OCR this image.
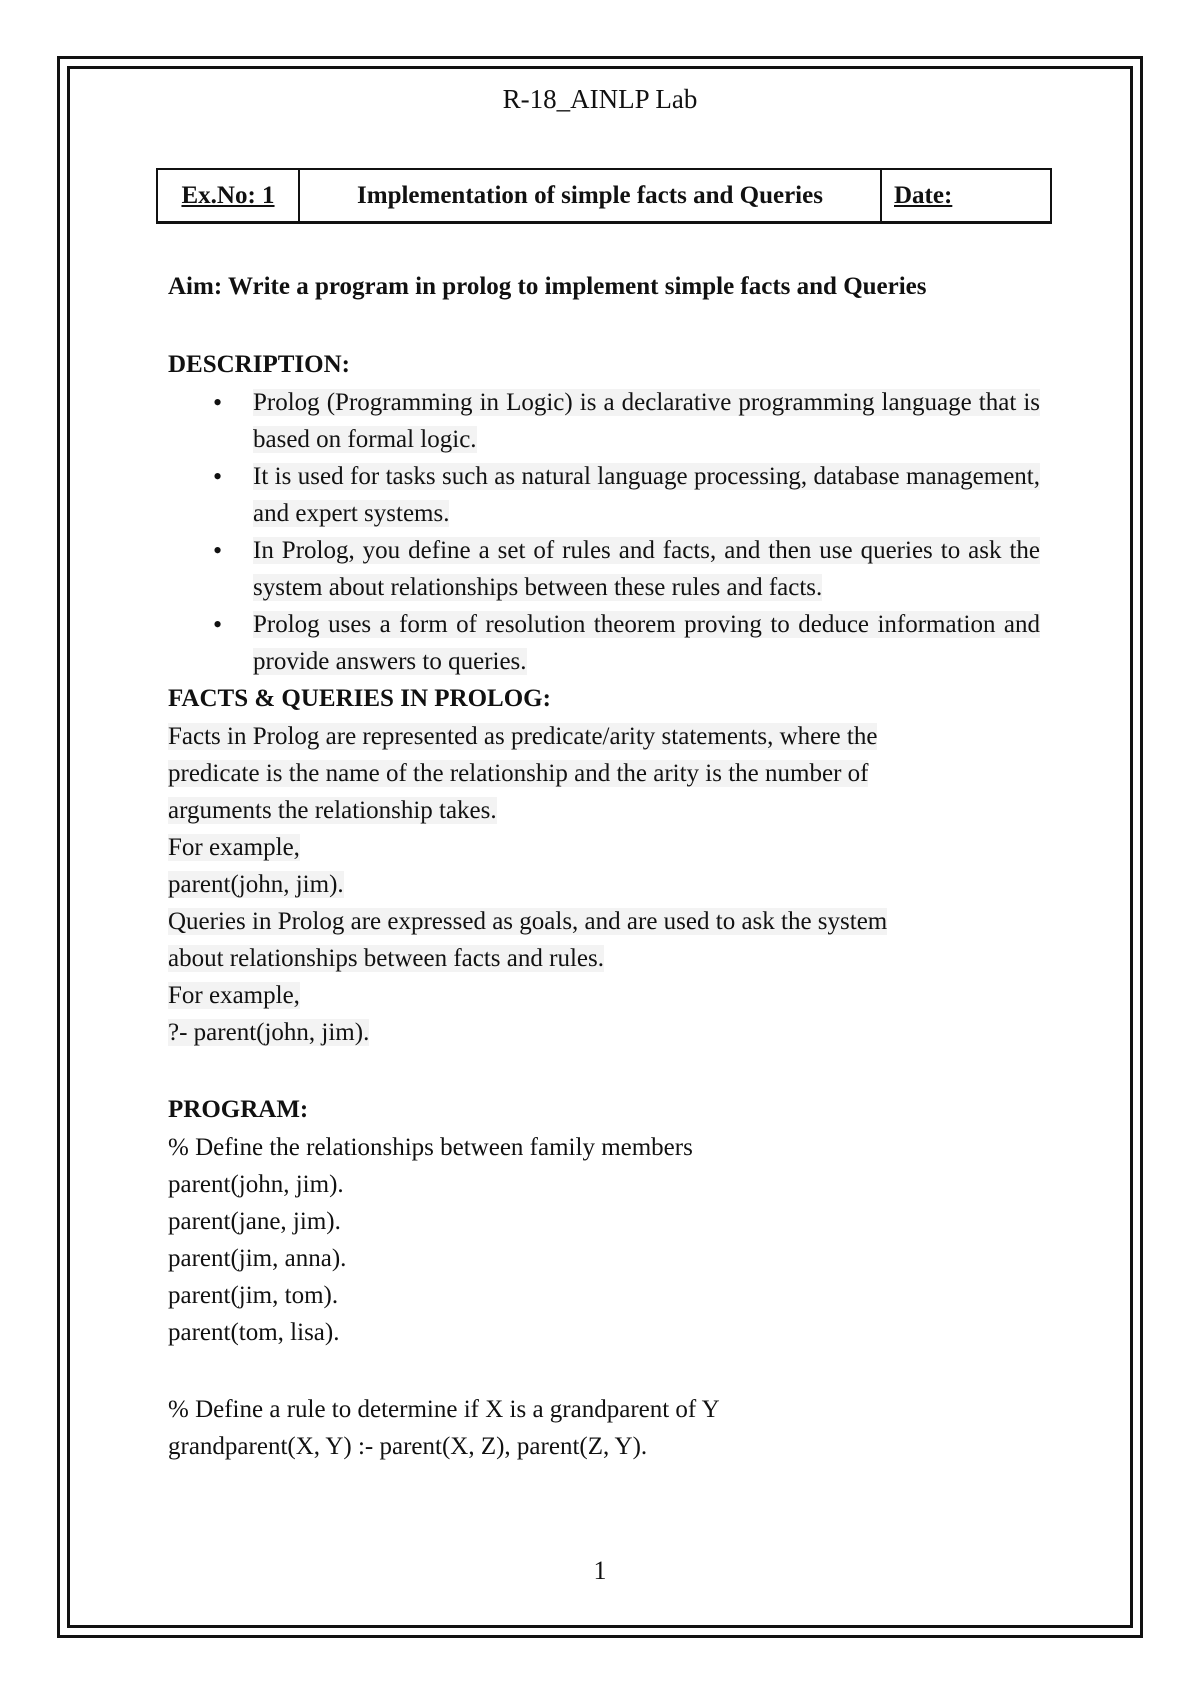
R-18_AINLP Lab
Ex.No: 1	Implementation of simple facts and Queries	Date:

Aim: Write a program in prolog to implement simple facts and Queries

DESCRIPTION:

• Prolog (Programming in Logic) is a declarative programming language that is based on formal logic.
• It is used for tasks such as natural language processing, database management, and expert systems.
• In Prolog, you define a set of rules and facts, and then use queries to ask the system about relationships between these rules and facts.
• Prolog uses a form of resolution theorem proving to deduce information and provide answers to queries.

FACTS & QUERIES IN PROLOG:

Facts in Prolog are represented as predicate/arity statements, where the

predicate is the name of the relationship and the arity is the number of

arguments the relationship takes.

For example,

parent(john, jim).

Queries in Prolog are expressed as goals, and are used to ask the system

about relationships between facts and rules.

For example,

?- parent(john, jim).

PROGRAM:

% Define the relationships between family members

parent(john, jim).

parent(jane, jim).

parent(jim, anna).

parent(jim, tom).

parent(tom, lisa).

% Define a rule to determine if X is a grandparent of Y

grandparent(X, Y) :- parent(X, Z), parent(Z, Y).

1
